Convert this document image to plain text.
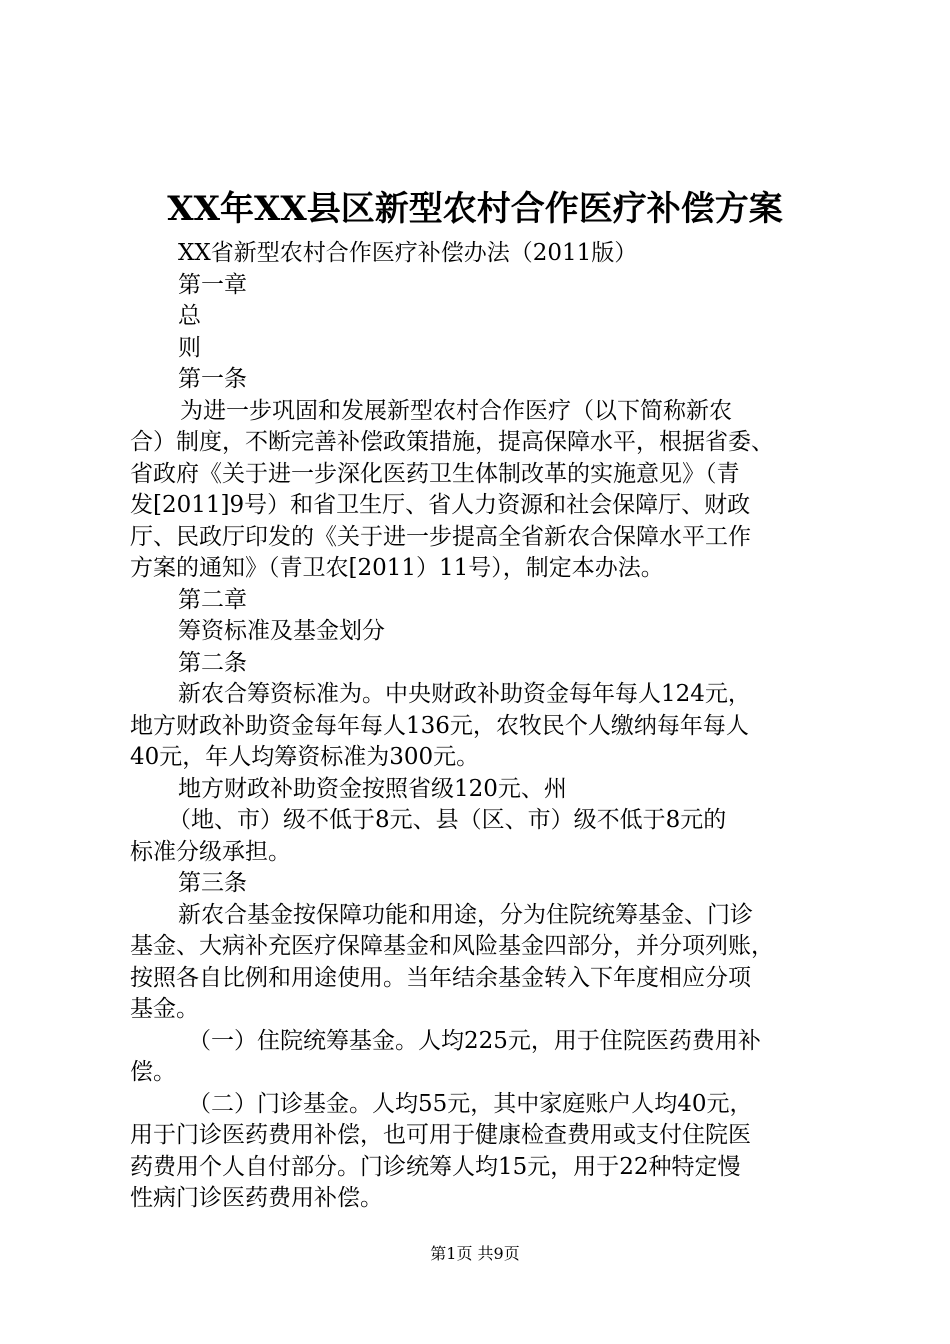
XX年XX县区新型农村合作医疗补偿方案
XX省新型农村合作医疗补偿办法（2011版）
第一章
总
则
第一条
为进一步巩固和发展新型农村合作医疗（以下简称新农
合）制度，不断完善补偿政策措施，提高保障水平，根据省委、
省政府《关于进一步深化医药卫生体制改革的实施意见》（青
发[2011]9号）和省卫生厅、省人力资源和社会保障厅、财政
厅、民政厅印发的《关于进一步提高全省新农合保障水平工作
方案的通知》（青卫农[2011）11号），制定本办法。
第二章
筹资标准及基金划分
第二条
新农合筹资标准为。中央财政补助资金每年每人124元，
地方财政补助资金每年每人136元，农牧民个人缴纳每年每人
40元，年人均筹资标准为300元。
地方财政补助资金按照省级120元、州
（地、市）级不低于8元、县（区、市）级不低于8元的
标准分级承担。
第三条
新农合基金按保障功能和用途，分为住院统筹基金、门诊
基金、大病补充医疗保障基金和风险基金四部分，并分项列账，
按照各自比例和用途使用。当年结余基金转入下年度相应分项
基金。
（一）住院统筹基金。人均225元，用于住院医药费用补
偿。
（二）门诊基金。人均55元，其中家庭账户人均40元，
用于门诊医药费用补偿，也可用于健康检查费用或支付住院医
药费用个人自付部分。门诊统筹人均15元，用于22种特定慢
性病门诊医药费用补偿。
第1页 共9页
